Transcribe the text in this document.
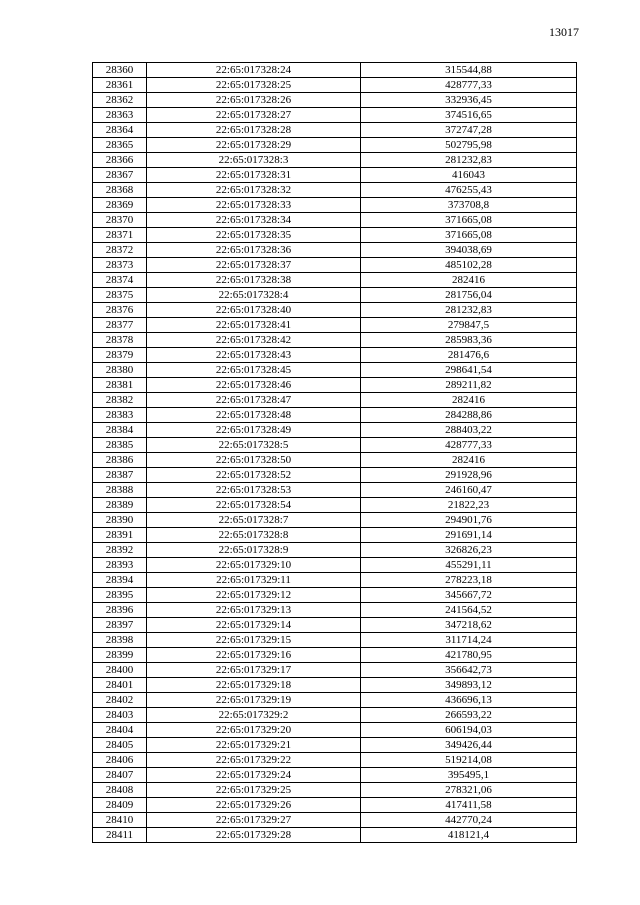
13017
28360	22:65:017328:24	315544,88
28361	22:65:017328:25	428777,33
28362	22:65:017328:26	332936,45
28363	22:65:017328:27	374516,65
28364	22:65:017328:28	372747,28
28365	22:65:017328:29	502795,98
28366	22:65:017328:3	281232,83
28367	22:65:017328:31	416043
28368	22:65:017328:32	476255,43
28369	22:65:017328:33	373708,8
28370	22:65:017328:34	371665,08
28371	22:65:017328:35	371665,08
28372	22:65:017328:36	394038,69
28373	22:65:017328:37	485102,28
28374	22:65:017328:38	282416
28375	22:65:017328:4	281756,04
28376	22:65:017328:40	281232,83
28377	22:65:017328:41	279847,5
28378	22:65:017328:42	285983,36
28379	22:65:017328:43	281476,6
28380	22:65:017328:45	298641,54
28381	22:65:017328:46	289211,82
28382	22:65:017328:47	282416
28383	22:65:017328:48	284288,86
28384	22:65:017328:49	288403,22
28385	22:65:017328:5	428777,33
28386	22:65:017328:50	282416
28387	22:65:017328:52	291928,96
28388	22:65:017328:53	246160,47
28389	22:65:017328:54	21822,23
28390	22:65:017328:7	294901,76
28391	22:65:017328:8	291691,14
28392	22:65:017328:9	326826,23
28393	22:65:017329:10	455291,11
28394	22:65:017329:11	278223,18
28395	22:65:017329:12	345667,72
28396	22:65:017329:13	241564,52
28397	22:65:017329:14	347218,62
28398	22:65:017329:15	311714,24
28399	22:65:017329:16	421780,95
28400	22:65:017329:17	356642,73
28401	22:65:017329:18	349893,12
28402	22:65:017329:19	436696,13
28403	22:65:017329:2	266593,22
28404	22:65:017329:20	606194,03
28405	22:65:017329:21	349426,44
28406	22:65:017329:22	519214,08
28407	22:65:017329:24	395495,1
28408	22:65:017329:25	278321,06
28409	22:65:017329:26	417411,58
28410	22:65:017329:27	442770,24
28411	22:65:017329:28	418121,4
